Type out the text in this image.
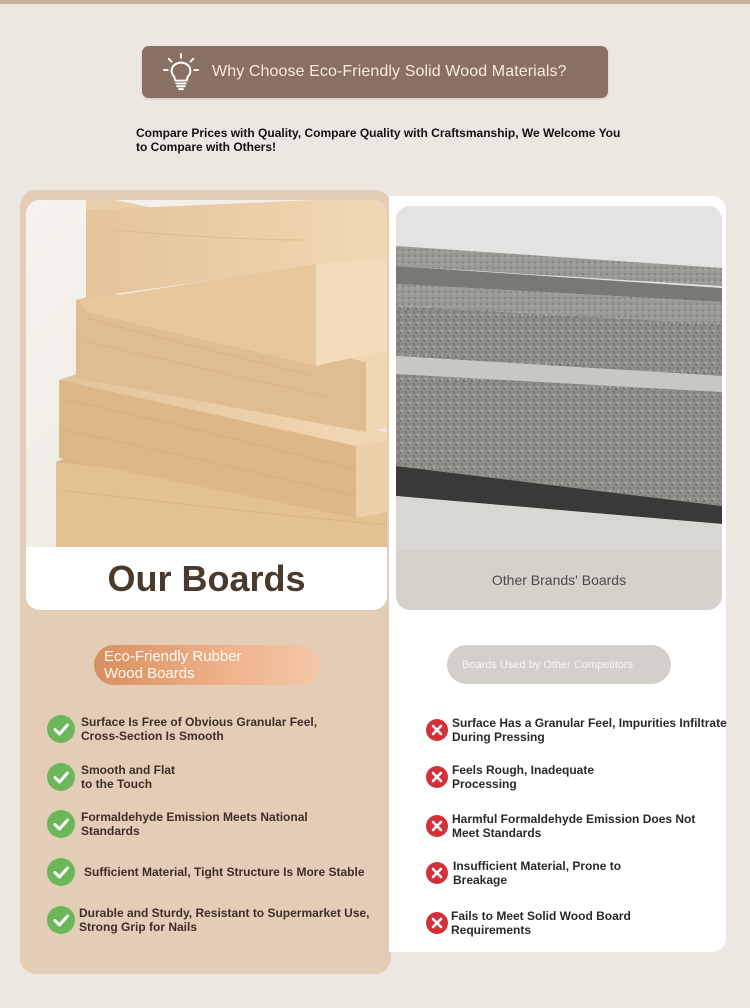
Why Choose Eco-Friendly Solid Wood Materials?
Compare Prices with Quality, Compare Quality with Craftsmanship, We Welcome You to Compare with Others!
Our Boards	Other Brands' Boards
Eco-Friendly Rubber
Wood Boards
Boards Used by Other Competitors
Surface Is Free of Obvious Granular Feel,
Cross-Section Is Smooth
Smooth and Flat
to the Touch
Formaldehyde Emission Meets National
Standards
Sufficient Material, Tight Structure Is More Stable
Durable and Sturdy, Resistant to Supermarket Use,
Strong Grip for Nails
Surface Has a Granular Feel, Impurities Infiltrate
During Pressing
Feels Rough, Inadequate
Processing
Harmful Formaldehyde Emission Does Not
Meet Standards
Insufficient Material, Prone to
Breakage
Fails to Meet Solid Wood Board
Requirements
